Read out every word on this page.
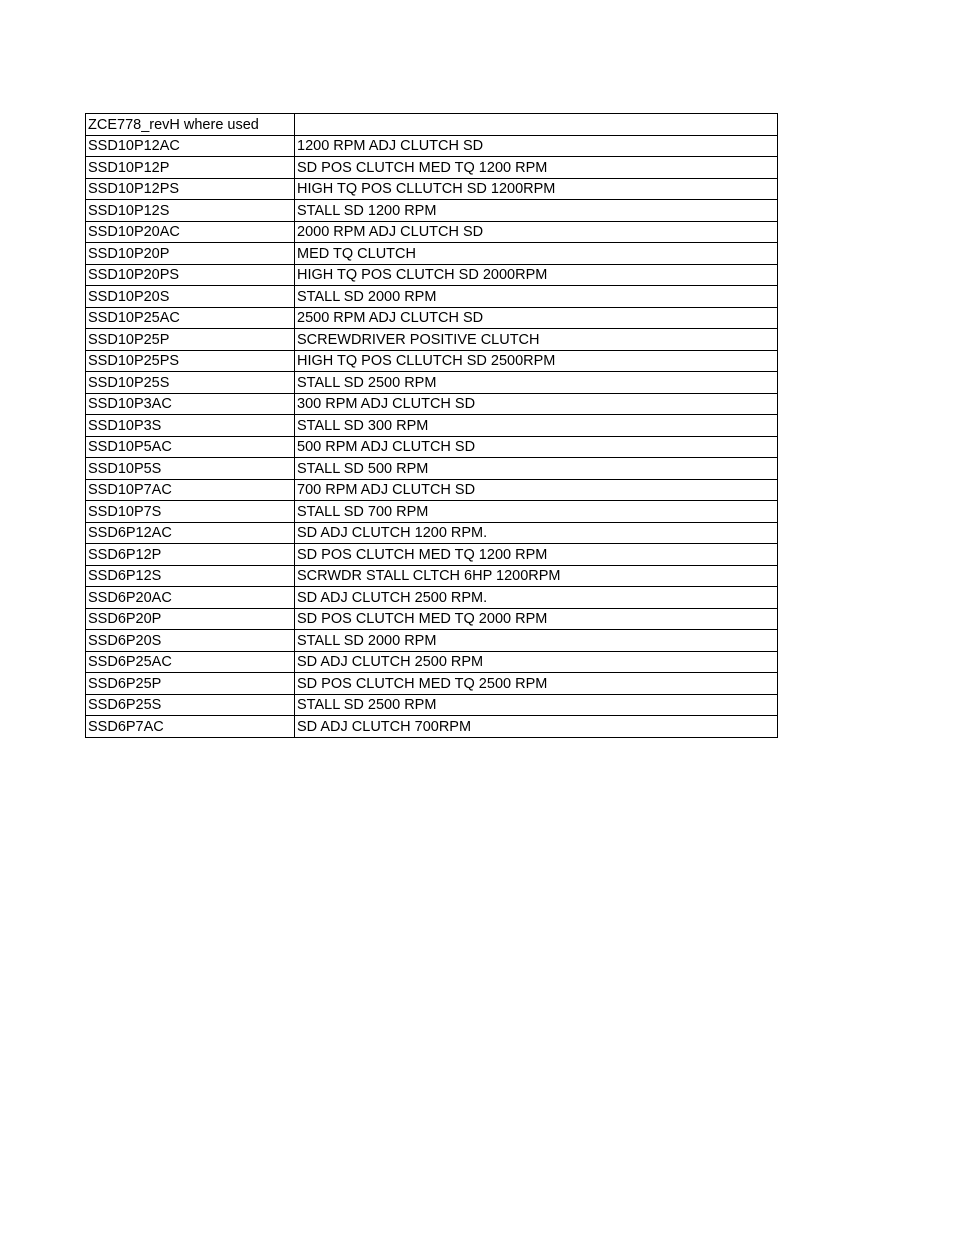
ZCE778_revH where used	
SSD10P12AC	1200 RPM ADJ CLUTCH SD
SSD10P12P	SD POS CLUTCH MED TQ 1200 RPM
SSD10P12PS	HIGH TQ POS CLLUTCH SD 1200RPM
SSD10P12S	STALL SD 1200 RPM
SSD10P20AC	2000 RPM ADJ CLUTCH SD
SSD10P20P	MED TQ CLUTCH
SSD10P20PS	HIGH TQ POS CLUTCH SD 2000RPM
SSD10P20S	STALL SD 2000 RPM
SSD10P25AC	2500 RPM ADJ CLUTCH SD
SSD10P25P	SCREWDRIVER POSITIVE CLUTCH
SSD10P25PS	HIGH TQ POS CLLUTCH SD 2500RPM
SSD10P25S	STALL SD 2500 RPM
SSD10P3AC	300 RPM ADJ CLUTCH SD
SSD10P3S	STALL SD 300 RPM
SSD10P5AC	500 RPM ADJ CLUTCH SD
SSD10P5S	STALL SD 500 RPM
SSD10P7AC	700 RPM ADJ CLUTCH SD
SSD10P7S	STALL SD 700 RPM
SSD6P12AC	SD ADJ CLUTCH 1200 RPM.
SSD6P12P	SD POS CLUTCH MED TQ 1200 RPM
SSD6P12S	SCRWDR STALL CLTCH 6HP 1200RPM
SSD6P20AC	SD ADJ CLUTCH 2500 RPM.
SSD6P20P	SD POS CLUTCH MED TQ 2000 RPM
SSD6P20S	STALL SD 2000 RPM
SSD6P25AC	SD ADJ CLUTCH 2500 RPM
SSD6P25P	SD POS CLUTCH MED TQ 2500 RPM
SSD6P25S	STALL SD 2500 RPM
SSD6P7AC	SD ADJ CLUTCH 700RPM
